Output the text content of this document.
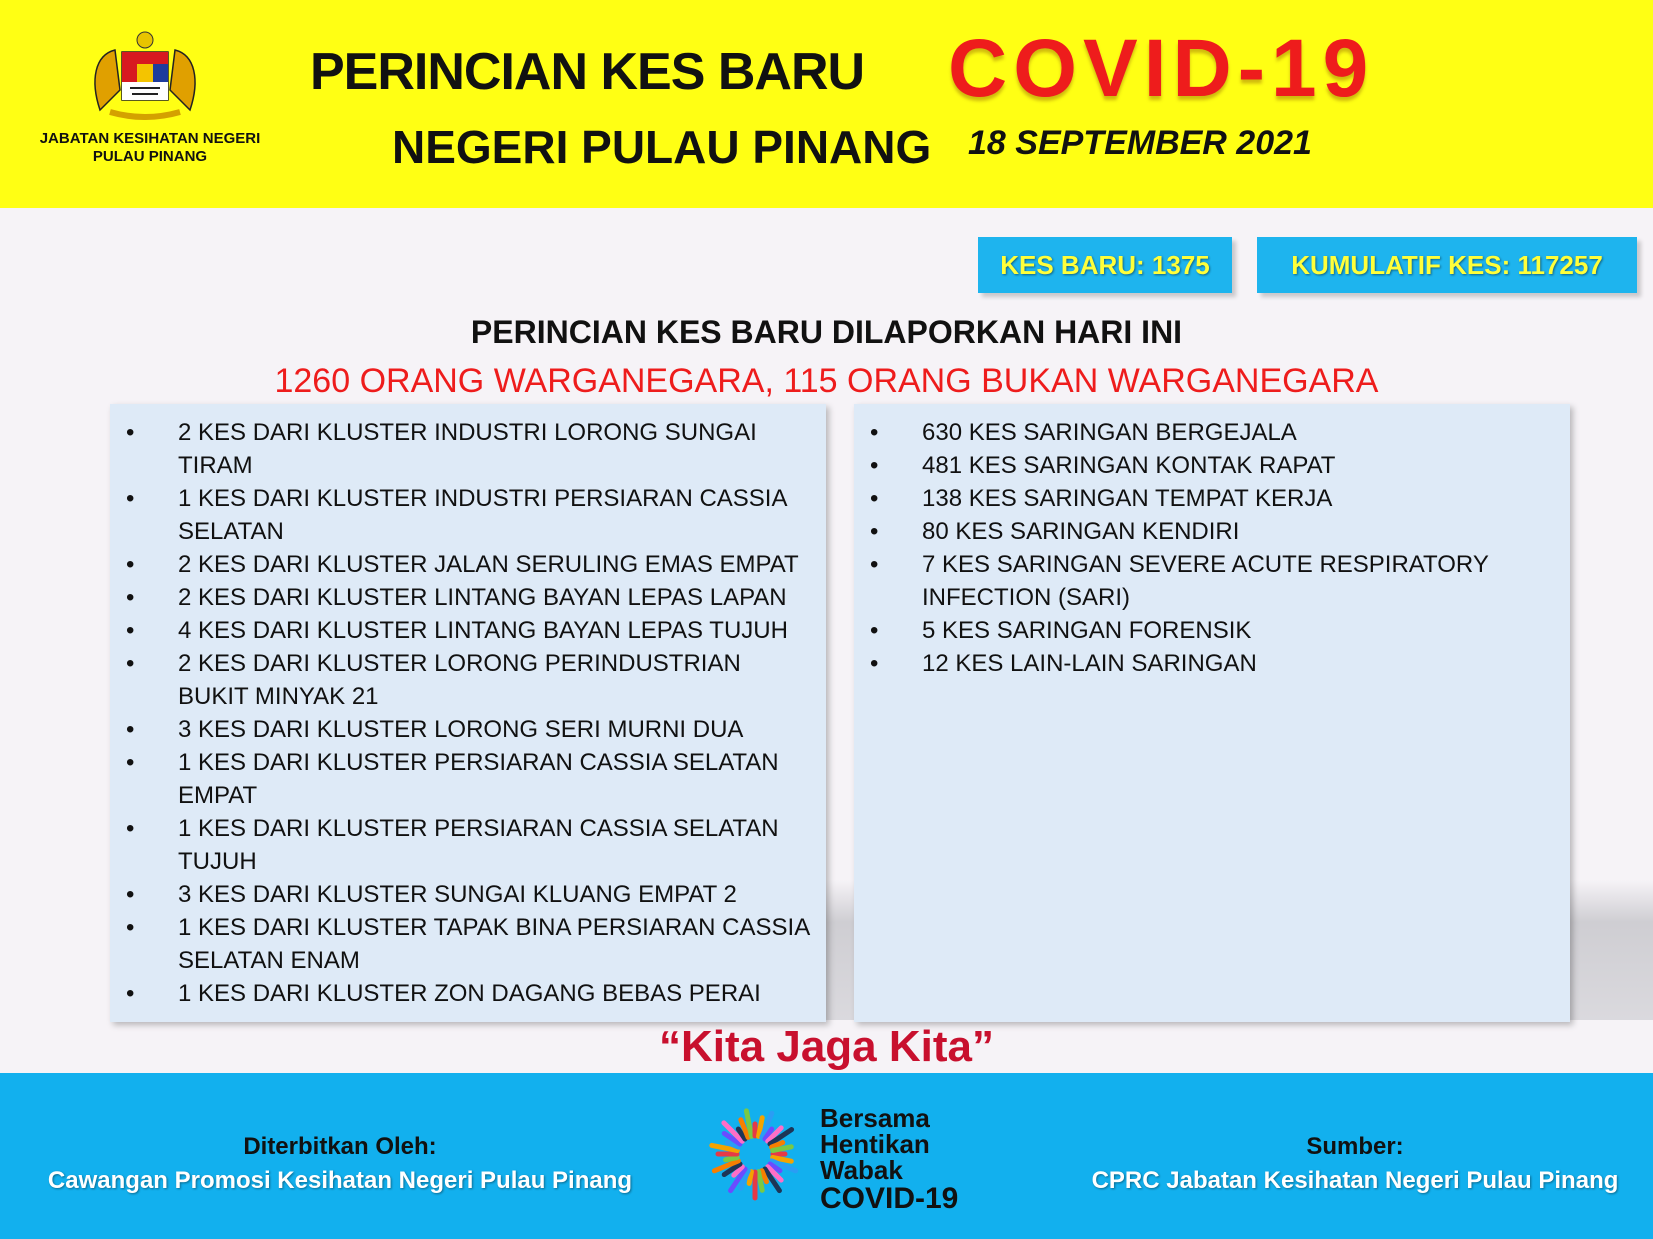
JABATAN KESIHATAN NEGERI
PULAU PINANG
PERINCIAN KES BARU COVID-19
NEGERI PULAU PINANG 18 SEPTEMBER 2021
KES BARU: 1375	KUMULATIF KES: 117257
PERINCIAN KES BARU DILAPORKAN HARI INI
1260 ORANG WARGANEGARA, 115 ORANG BUKAN WARGANEGARA
• 2 KES DARI KLUSTER INDUSTRI LORONG SUNGAI TIRAM
• 1 KES DARI KLUSTER INDUSTRI PERSIARAN CASSIA SELATAN
• 2 KES DARI KLUSTER JALAN SERULING EMAS EMPAT
• 2 KES DARI KLUSTER LINTANG BAYAN LEPAS LAPAN
• 4 KES DARI KLUSTER LINTANG BAYAN LEPAS TUJUH
• 2 KES DARI KLUSTER LORONG PERINDUSTRIAN BUKIT MINYAK 21
• 3 KES DARI KLUSTER LORONG SERI MURNI DUA
• 1 KES DARI KLUSTER PERSIARAN CASSIA SELATAN EMPAT
• 1 KES DARI KLUSTER PERSIARAN CASSIA SELATAN TUJUH
• 3 KES DARI KLUSTER SUNGAI KLUANG EMPAT 2
• 1 KES DARI KLUSTER TAPAK BINA PERSIARAN CASSIA SELATAN ENAM
• 1 KES DARI KLUSTER ZON DAGANG BEBAS PERAI
• 630 KES SARINGAN BERGEJALA
• 481 KES SARINGAN KONTAK RAPAT
• 138 KES SARINGAN TEMPAT KERJA
• 80 KES SARINGAN KENDIRI
• 7 KES SARINGAN SEVERE ACUTE RESPIRATORY INFECTION (SARI)
• 5 KES SARINGAN FORENSIK
• 12 KES LAIN-LAIN SARINGAN
“Kita Jaga Kita”
Diterbitkan Oleh:
Cawangan Promosi Kesihatan Negeri Pulau Pinang
Bersama
Hentikan
Wabak
COVID-19
Sumber:
CPRC Jabatan Kesihatan Negeri Pulau Pinang
